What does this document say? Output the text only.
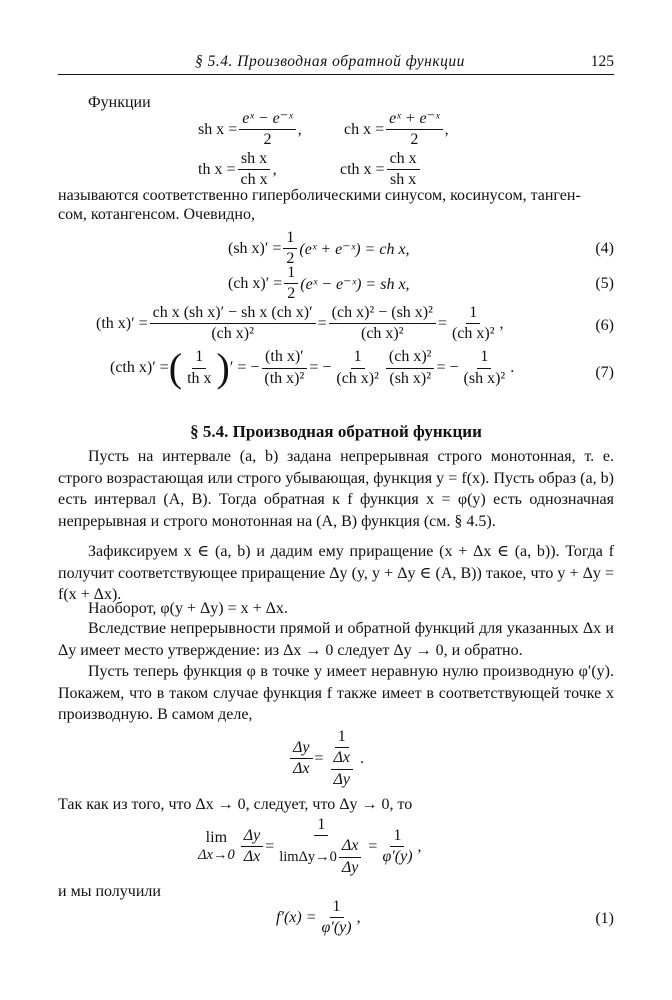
§ 5.4. Производная обратной функции	125
Функции
sh $x = \frac{\text{eˣ − e⁻ˣ}}{2}$ ,	ch $x = \frac{\text{eˣ + e⁻ˣ}}{2}$ ,
th $x = \frac{\text{sh x}}{\text{ch x}}$ ,	cth $x = \frac{\text{ch x}}{\text{sh x}}$
называются соответственно гиперболическими синусом, косинусом, танген-
сом, котангенсом. Очевидно,
(sh $x)' = \frac{1}{2}$ (eˣ + e⁻ˣ) = ch x,	(4)
(ch $x)' = \frac{1}{2}$ (eˣ − e⁻ˣ) = sh x,	(5)
(th $x)' = \frac{\text{ch x (sh x)′ − sh x (ch x)′}}{\text{(ch x)²}} = \frac{\text{(ch x)² − (sh x)²}}{\text{(ch x)²}} = \frac{1}{\text{(ch x)²}}$ ,	(6)
(cth x)′ = ( $\frac{1}{\text{th x}}$ ) ′ = − $\frac{\text{(th x)′}}{\text{(th x)²}}$ = − $\frac{1}{\text{(ch x)²}} \frac{\text{(ch x)²}}{\text{(sh x)²}}$ = − $\frac{1}{\text{(sh x)²}}$ .	(7)
§ 5.4. Производная обратной функции
Пусть на интервале (a, b) задана непрерывная строго монотонная, т. е. строго возрастающая или строго убывающая, функция y = f(x). Пусть образ (a, b) есть интервал (A, B). Тогда обратная к f функция x = φ(y) есть однозначная непрерывная и строго монотонная на (A, B) функция (см. § 4.5).
Зафиксируем x ∈ (a, b) и дадим ему приращение (x + Δx ∈ (a, b)). Тогда f получит соответствующее приращение Δy (y, y + Δy ∈ (A, B)) такое, что y + Δy = f(x + Δx).
Наоборот, φ(y + Δy) = x + Δx.
Вследствие непрерывности прямой и обратной функций для указанных Δx и Δy имеет место утверждение: из Δx → 0 следует Δy → 0, и обратно.
Пусть теперь функция φ в точке y имеет неравную нулю производную φ′(y). Покажем, что в таком случае функция f также имеет в соответствующей точке x производную. В самом деле,
$\frac{\Delta y}{\Delta x} = \frac{1}{\frac{\Delta x}{\Delta y}}$ .
Так как из того, что Δx → 0, следует, что Δy → 0, то
lim
$\Delta x\to 0 \frac{\Delta y}{\Delta x} = \frac{1}{\lim\Delta y\to 0 \frac{\Delta x}{\Delta y}} = \frac{1}{\varphi'(y)}$ ,
и мы получили
$f'(x) = \frac{1}{\varphi'(y)}$ ,	(1)
